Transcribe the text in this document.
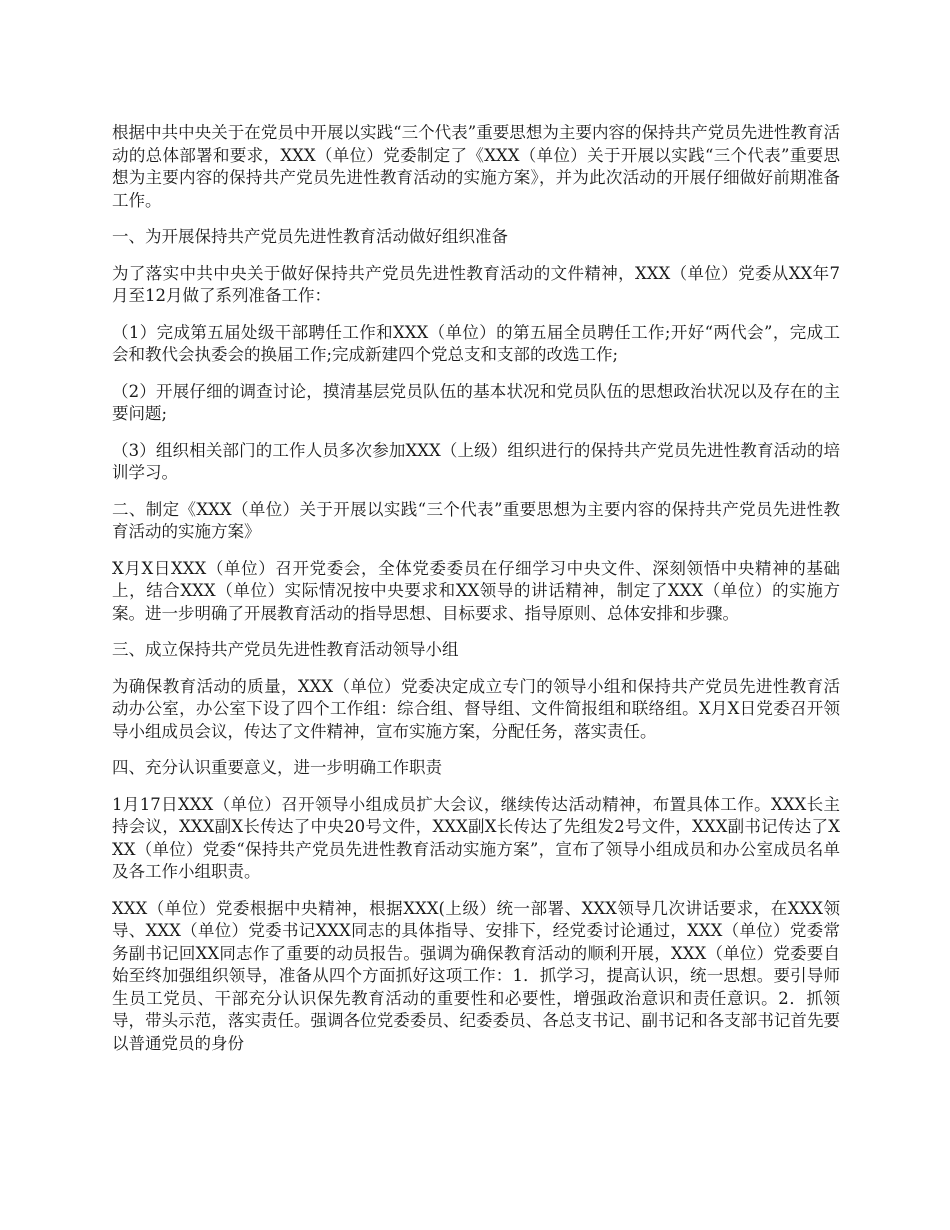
根据中共中央关于在党员中开展以实践“三个代表”重要思想为主要内容的保持共产党员先进性教育活动的总体部署和要求，XXX（单位）党委制定了《XXX（单位）关于开展以实践“三个代表”重要思想为主要内容的保持共产党员先进性教育活动的实施方案》，并为此次活动的开展仔细做好前期准备工作。

一、为开展保持共产党员先进性教育活动做好组织准备

为了落实中共中央关于做好保持共产党员先进性教育活动的文件精神，XXX（单位）党委从XX年7月至12月做了系列准备工作：

（1）完成第五届处级干部聘任工作和XXX（单位）的第五届全员聘任工作;开好“两代会”，完成工会和教代会执委会的换届工作;完成新建四个党总支和支部的改选工作;

（2）开展仔细的调查讨论，摸清基层党员队伍的基本状况和党员队伍的思想政治状况以及存在的主要问题;

（3）组织相关部门的工作人员多次参加XXX（上级）组织进行的保持共产党员先进性教育活动的培训学习。

二、制定《XXX（单位）关于开展以实践“三个代表”重要思想为主要内容的保持共产党员先进性教育活动的实施方案》

X月X日XXX（单位）召开党委会，全体党委委员在仔细学习中央文件、深刻领悟中央精神的基础上，结合XXX（单位）实际情况按中央要求和XX领导的讲话精神，制定了XXX（单位）的实施方案。进一步明确了开展教育活动的指导思想、目标要求、指导原则、总体安排和步骤。

三、成立保持共产党员先进性教育活动领导小组

为确保教育活动的质量，XXX（单位）党委决定成立专门的领导小组和保持共产党员先进性教育活动办公室，办公室下设了四个工作组：综合组、督导组、文件简报组和联络组。X月X日党委召开领导小组成员会议，传达了文件精神，宣布实施方案，分配任务，落实责任。

四、充分认识重要意义，进一步明确工作职责

1月17日XXX（单位）召开领导小组成员扩大会议，继续传达活动精神，布置具体工作。XXX长主持会议，XXX副X长传达了中央20号文件，XXX副X长传达了先组发2号文件，XXX副书记传达了XXX（单位）党委“保持共产党员先进性教育活动实施方案”，宣布了领导小组成员和办公室成员名单及各工作小组职责。

XXX（单位）党委根据中央精神，根据XXX(上级）统一部署、XXX领导几次讲话要求，在XXX领导、XXX（单位）党委书记XXX同志的具体指导、安排下，经党委讨论通过，XXX（单位）党委常务副书记回XX同志作了重要的动员报告。强调为确保教育活动的顺利开展，XXX（单位）党委要自始至终加强组织领导，准备从四个方面抓好这项工作：1．抓学习，提高认识，统一思想。要引导师生员工党员、干部充分认识保先教育活动的重要性和必要性，增强政治意识和责任意识。2．抓领导，带头示范，落实责任。强调各位党委委员、纪委委员、各总支书记、副书记和各支部书记首先要以普通党员的身份
